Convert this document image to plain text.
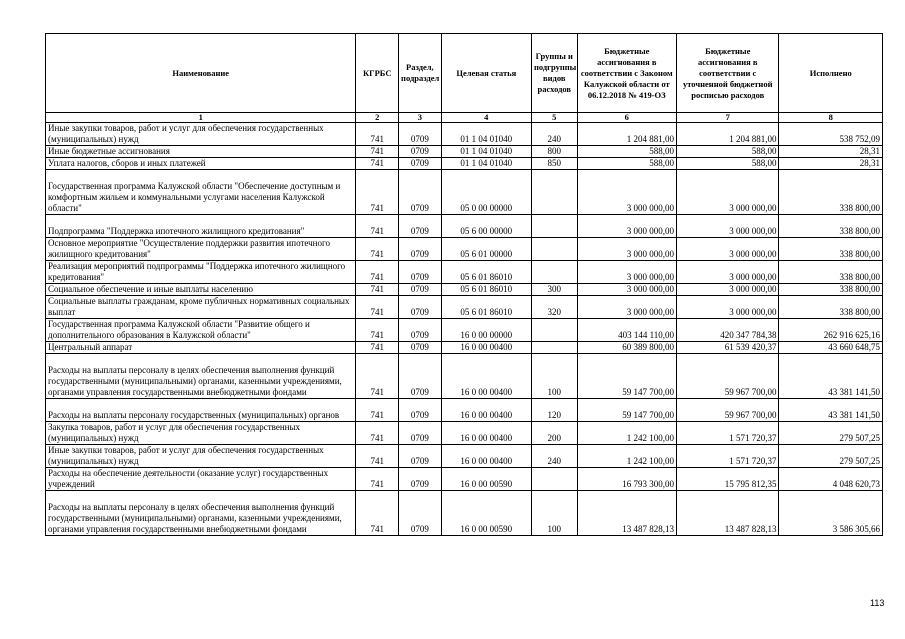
Наименование	КГРБС	Раздел, подраздел	Целевая статья	Группы и подгруппы видов расходов	Бюджетные ассигнования в соответствии с Законом Калужской области от 06.12.2018 № 419-ОЗ	Бюджетные ассигнования в соответствии с уточненной бюджетной росписью расходов	Исполнено
1	2	3	4	5	6	7	8
Иные закупки товаров, работ и услуг для обеспечения государственных (муниципальных) нужд	741	0709	01 1 04 01040	240	1 204 881,00	1 204 881,00	538 752,09
Иные бюджетные ассигнования	741	0709	01 1 04 01040	800	588,00	588,00	28,31
Уплата налогов, сборов и иных платежей	741	0709	01 1 04 01040	850	588,00	588,00	28,31
Государственная программа Калужской области "Обеспечение доступным и комфортным жильем и коммунальными услугами населения Калужской области"	741	0709	05 0 00 00000		3 000 000,00	3 000 000,00	338 800,00
Подпрограмма "Поддержка ипотечного жилищного кредитования"	741	0709	05 6 00 00000		3 000 000,00	3 000 000,00	338 800,00
Основное мероприятие "Осуществление поддержки развития ипотечного жилищного кредитования"	741	0709	05 6 01 00000		3 000 000,00	3 000 000,00	338 800,00
Реализация мероприятий подпрограммы "Поддержка ипотечного жилищного кредитования"	741	0709	05 6 01 86010		3 000 000,00	3 000 000,00	338 800,00
Социальное обеспечение и иные выплаты населению	741	0709	05 6 01 86010	300	3 000 000,00	3 000 000,00	338 800,00
Социальные выплаты гражданам, кроме публичных нормативных социальных выплат	741	0709	05 6 01 86010	320	3 000 000,00	3 000 000,00	338 800,00
Государственная программа Калужской области "Развитие общего и дополнительного образования в Калужской области"	741	0709	16 0 00 00000		403 144 110,00	420 347 784,38	262 916 625,16
Центральный аппарат	741	0709	16 0 00 00400		60 389 800,00	61 539 420,37	43 660 648,75
Расходы на выплаты персоналу в целях обеспечения выполнения функций государственными (муниципальными) органами, казенными учреждениями, органами управления государственными внебюджетными фондами	741	0709	16 0 00 00400	100	59 147 700,00	59 967 700,00	43 381 141,50
Расходы на выплаты персоналу государственных (муниципальных) органов	741	0709	16 0 00 00400	120	59 147 700,00	59 967 700,00	43 381 141,50
Закупка товаров, работ и услуг для обеспечения государственных (муниципальных) нужд	741	0709	16 0 00 00400	200	1 242 100,00	1 571 720,37	279 507,25
Иные закупки товаров, работ и услуг для обеспечения государственных (муниципальных) нужд	741	0709	16 0 00 00400	240	1 242 100,00	1 571 720,37	279 507,25
Расходы на обеспечение деятельности (оказание услуг) государственных учреждений	741	0709	16 0 00 00590		16 793 300,00	15 795 812,35	4 048 620,73
Расходы на выплаты персоналу в целях обеспечения выполнения функций государственными (муниципальными) органами, казенными учреждениями, органами управления государственными внебюджетными фондами	741	0709	16 0 00 00590	100	13 487 828,13	13 487 828,13	3 586 305,66
113
